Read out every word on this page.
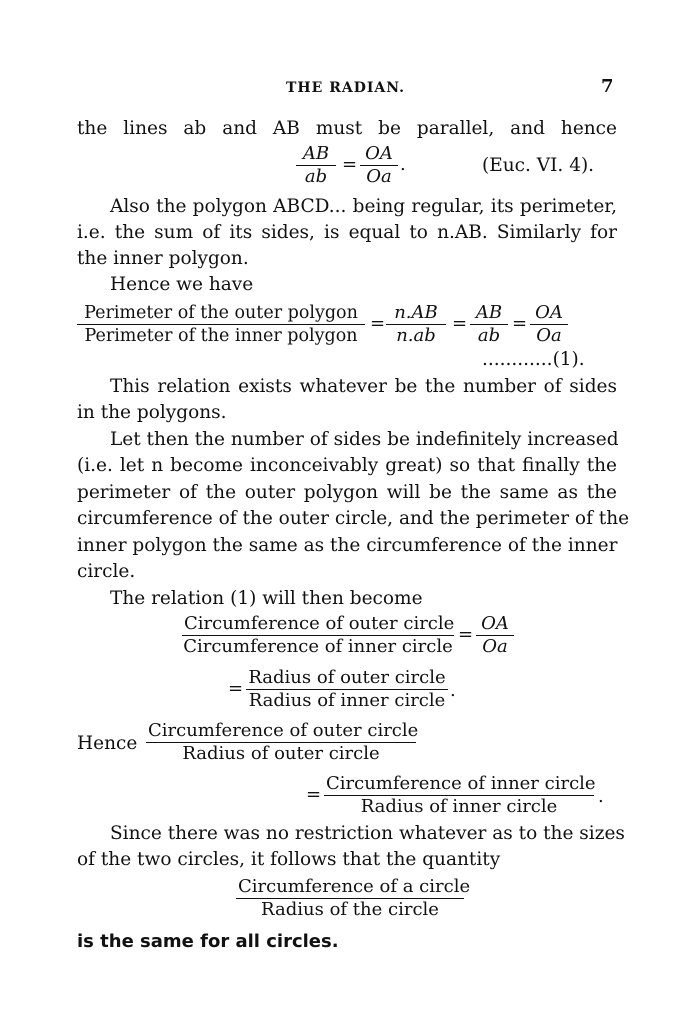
THE RADIAN.	7
the lines ab and AB must be parallel, and hence
$\frac{AB}{ab} = \frac{OA}{Oa}$ .	(Euc. VI. 4).
Also the polygon ABCD... being regular, its perimeter,
i.e. the sum of its sides, is equal to n.AB. Similarly for
the inner polygon.
Hence we have
Perimeter of the outer polygon
Perimeter of the inner polygon
= $\frac{n.AB}{n.ab} = \frac{AB}{ab} = \frac{OA}{Oa}$
............(1).
This relation exists whatever be the number of sides
in the polygons.
Let then the number of sides be indefinitely increased
(i.e. let n become inconceivably great) so that finally the
perimeter of the outer polygon will be the same as the
circumference of the outer circle, and the perimeter of the
inner polygon the same as the circumference of the inner
circle.
The relation (1) will then become
Circumference of outer circle
Circumference of inner circle
= $\frac{OA}{Oa}$
=
Radius of outer circle
Radius of inner circle .
Hence
Circumference of outer circle
Radius of outer circle
=
Circumference of inner circle
Radius of inner circle	.
Since there was no restriction whatever as to the sizes
of the two circles, it follows that the quantity
Circumference of a circle
Radius of the circle
is the same for all circles.
